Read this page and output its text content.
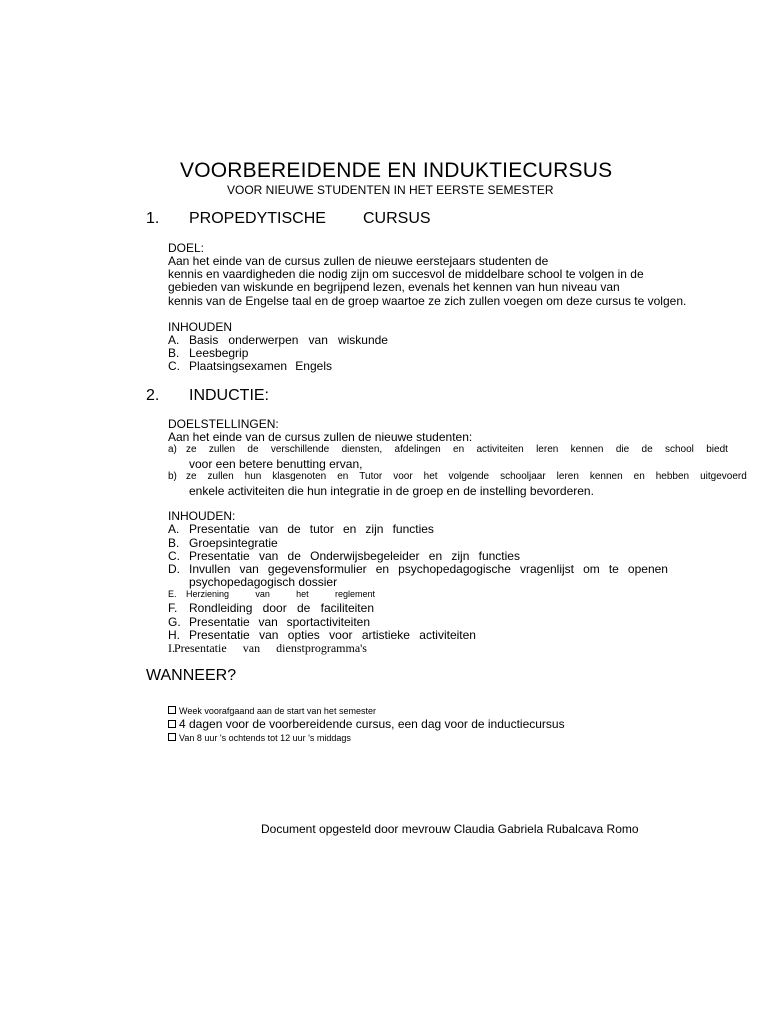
VOORBEREIDENDE EN INDUKTIECURSUS
VOOR NIEUWE STUDENTEN IN HET EERSTE SEMESTER
1. PROPEDYTISCHE CURSUS
DOEL:
Aan het einde van de cursus zullen de nieuwe eerstejaars studenten de
kennis en vaardigheden die nodig zijn om succesvol de middelbare school te volgen in de
gebieden van wiskunde en begrijpend lezen, evenals het kennen van hun niveau van
kennis van de Engelse taal en de groep waartoe ze zich zullen voegen om deze cursus te volgen.
INHOUDEN
A. Basis onderwerpen van wiskunde
B. Leesbegrip
C. Plaatsingsexamen Engels
2. INDUCTIE:
DOELSTELLINGEN:
Aan het einde van de cursus zullen de nieuwe studenten:
a) ze zullen de verschillende diensten, afdelingen en activiteiten leren kennen die de school biedt
voor een betere benutting ervan,
b) ze zullen hun klasgenoten en Tutor voor het volgende schooljaar leren kennen en hebben uitgevoerd
enkele activiteiten die hun integratie in de groep en de instelling bevorderen.
INHOUDEN:
A. Presentatie van de tutor en zijn functies
B. Groepsintegratie
C. Presentatie van de Onderwijsbegeleider en zijn functies
D. Invullen van gegevensformulier en psychopedagogische vragenlijst om te openen
psychopedagogisch dossier
E. Herziening	van	het	reglement
F. Rondleiding door de faciliteiten
G. Presentatie van sportactiviteiten
H. Presentatie van opties voor artistieke activiteiten
I. Presentatie van dienstprogramma's
WANNEER?
Week voorafgaand aan de start van het semester
4 dagen voor de voorbereidende cursus, een dag voor de inductiecursus
Van 8 uur 's ochtends tot 12 uur 's middags
Document opgesteld door mevrouw Claudia Gabriela Rubalcava Romo
